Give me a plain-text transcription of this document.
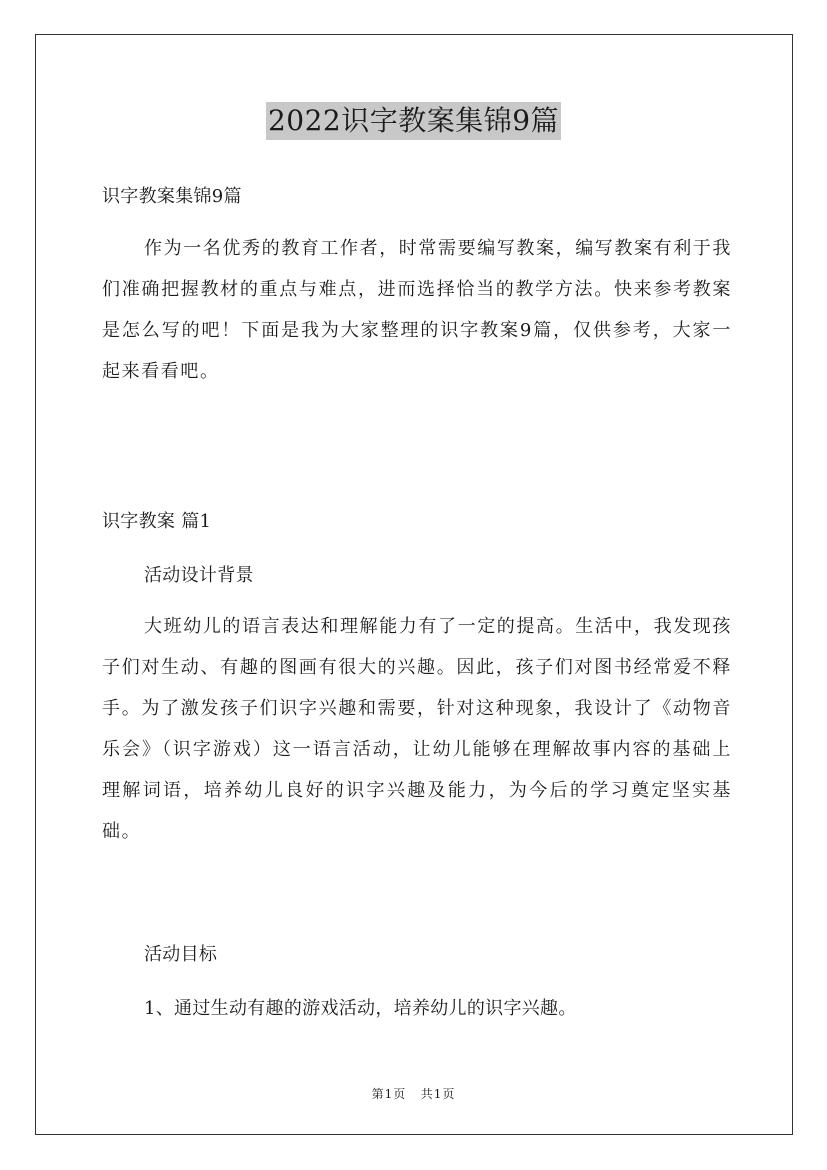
2022识字教案集锦9篇
识字教案集锦9篇

作为一名优秀的教育工作者，时常需要编写教案，编写教案有利于我们准确把握教材的重点与难点，进而选择恰当的教学方法。快来参考教案是怎么写的吧！下面是我为大家整理的识字教案9篇，仅供参考，大家一起来看看吧。

识字教案 篇1
活动设计背景

大班幼儿的语言表达和理解能力有了一定的提高。生活中，我发现孩子们对生动、有趣的图画有很大的兴趣。因此，孩子们对图书经常爱不释手。为了激发孩子们识字兴趣和需要，针对这种现象，我设计了《动物音乐会》（识字游戏）这一语言活动，让幼儿能够在理解故事内容的基础上理解词语，培养幼儿良好的识字兴趣及能力，为今后的学习奠定坚实基础。

活动目标
1、通过生动有趣的游戏活动，培养幼儿的识字兴趣。
第1页 共1页
